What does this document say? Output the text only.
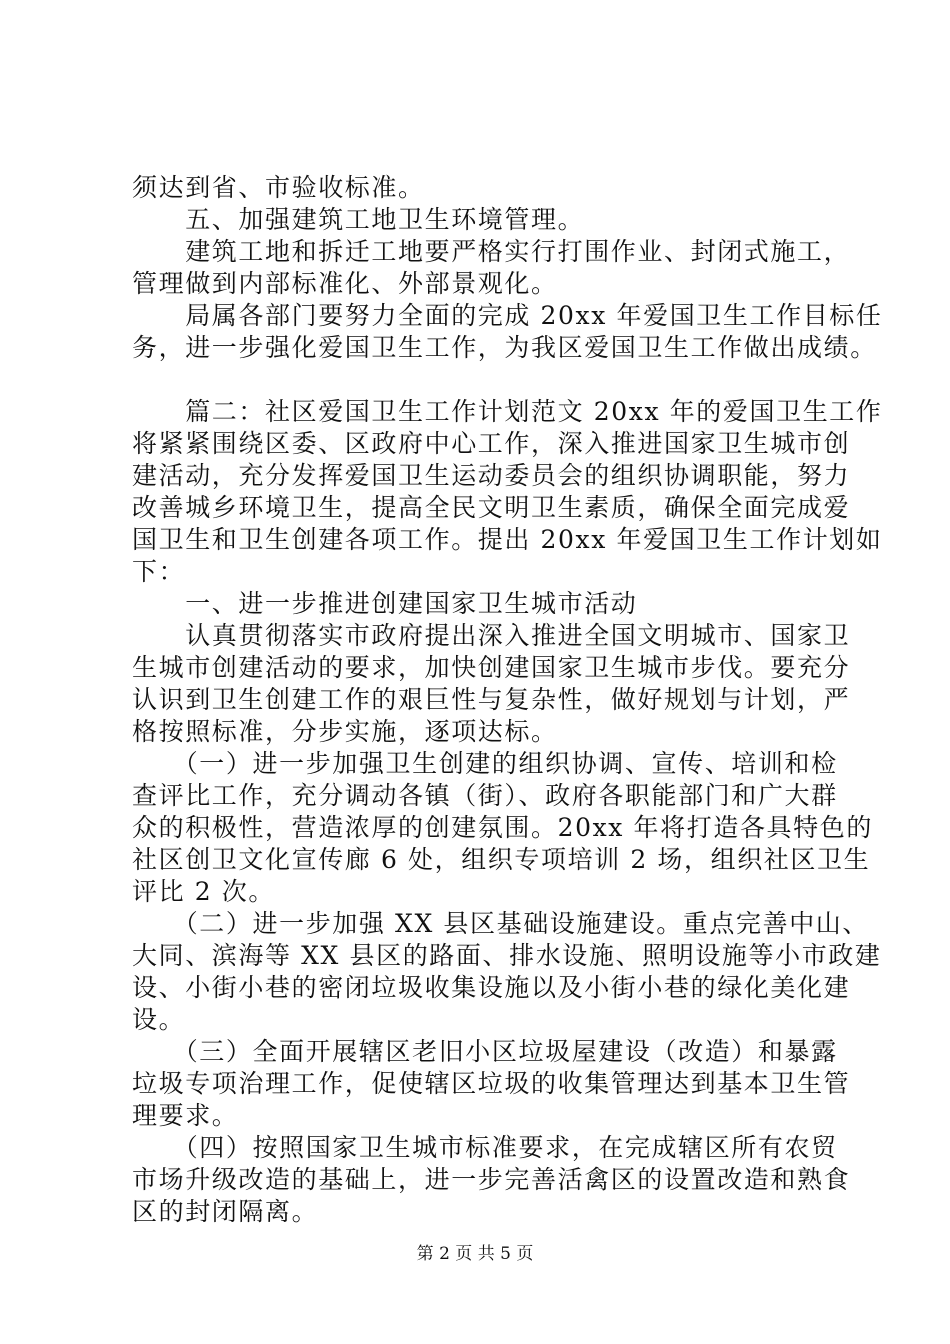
须达到省、市验收标准。
　　五、加强建筑工地卫生环境管理。
　　建筑工地和拆迁工地要严格实行打围作业、封闭式施工，
管理做到内部标准化、外部景观化。
　　局属各部门要努力全面的完成 20xx 年爱国卫生工作目标任
务，进一步强化爱国卫生工作，为我区爱国卫生工作做出成绩。
　　篇二：社区爱国卫生工作计划范文 20xx 年的爱国卫生工作
将紧紧围绕区委、区政府中心工作，深入推进国家卫生城市创
建活动，充分发挥爱国卫生运动委员会的组织协调职能，努力
改善城乡环境卫生，提高全民文明卫生素质，确保全面完成爱
国卫生和卫生创建各项工作。提出 20xx 年爱国卫生工作计划如
下：
　　一、进一步推进创建国家卫生城市活动
　　认真贯彻落实市政府提出深入推进全国文明城市、国家卫
生城市创建活动的要求，加快创建国家卫生城市步伐。要充分
认识到卫生创建工作的艰巨性与复杂性，做好规划与计划，严
格按照标准，分步实施，逐项达标。
　　（一）进一步加强卫生创建的组织协调、宣传、培训和检
查评比工作，充分调动各镇（街）、政府各职能部门和广大群
众的积极性，营造浓厚的创建氛围。20xx 年将打造各具特色的
社区创卫文化宣传廊 6 处，组织专项培训 2 场，组织社区卫生
评比 2 次。
　　（二）进一步加强 XX 县区基础设施建设。重点完善中山、
大同、滨海等 XX 县区的路面、排水设施、照明设施等小市政建
设、小街小巷的密闭垃圾收集设施以及小街小巷的绿化美化建
设。
　　（三）全面开展辖区老旧小区垃圾屋建设（改造）和暴露
垃圾专项治理工作，促使辖区垃圾的收集管理达到基本卫生管
理要求。
　　（四）按照国家卫生城市标准要求，在完成辖区所有农贸
市场升级改造的基础上，进一步完善活禽区的设置改造和熟食
区的封闭隔离。
第 2 页 共 5 页
